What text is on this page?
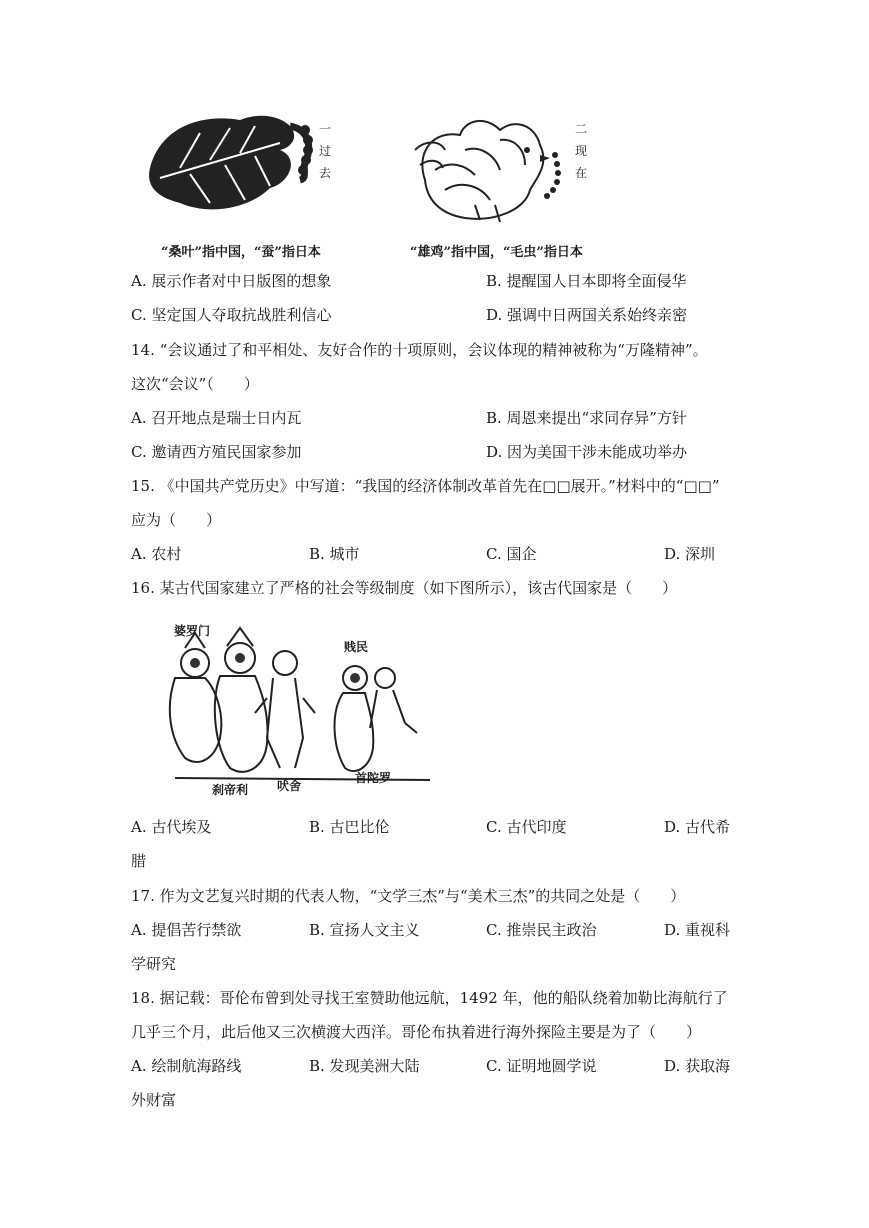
一过去
二现在
“桑叶”指中国，“蚕”指日本	“雄鸡”指中国，“毛虫”指日本
A. 展示作者对中日版图的想象	B. 提醒国人日本即将全面侵华
C. 坚定国人夺取抗战胜利信心	D. 强调中日两国关系始终亲密
14. “会议通过了和平相处、友好合作的十项原则，会议体现的精神被称为“万隆精神”。
这次“会议”（　　）
A. 召开地点是瑞士日内瓦	B. 周恩来提出“求同存异”方针
C. 邀请西方殖民国家参加	D. 因为美国干涉未能成功举办
15. 《中国共产党历史》中写道：“我国的经济体制改革首先在□□展开。”材料中的“□□”
应为（　　）
A. 农村	B. 城市	C. 国企	D. 深圳
16. 某古代国家建立了严格的社会等级制度（如下图所示），该古代国家是（　　）
婆罗门
贱民
刹帝利 吠舍
首陀罗
A. 古代埃及	B. 古巴比伦	C. 古代印度	D. 古代希
腊
17. 作为文艺复兴时期的代表人物，“文学三杰”与“美术三杰”的共同之处是（　　）
A. 提倡苦行禁欲	B. 宣扬人文主义	C. 推崇民主政治	D. 重视科
学研究
18. 据记载：哥伦布曾到处寻找王室赞助他远航，1492 年，他的船队绕着加勒比海航行了
几乎三个月，此后他又三次横渡大西洋。哥伦布执着进行海外探险主要是为了（　　）
A. 绘制航海路线	B. 发现美洲大陆	C. 证明地圆学说	D. 获取海
外财富
